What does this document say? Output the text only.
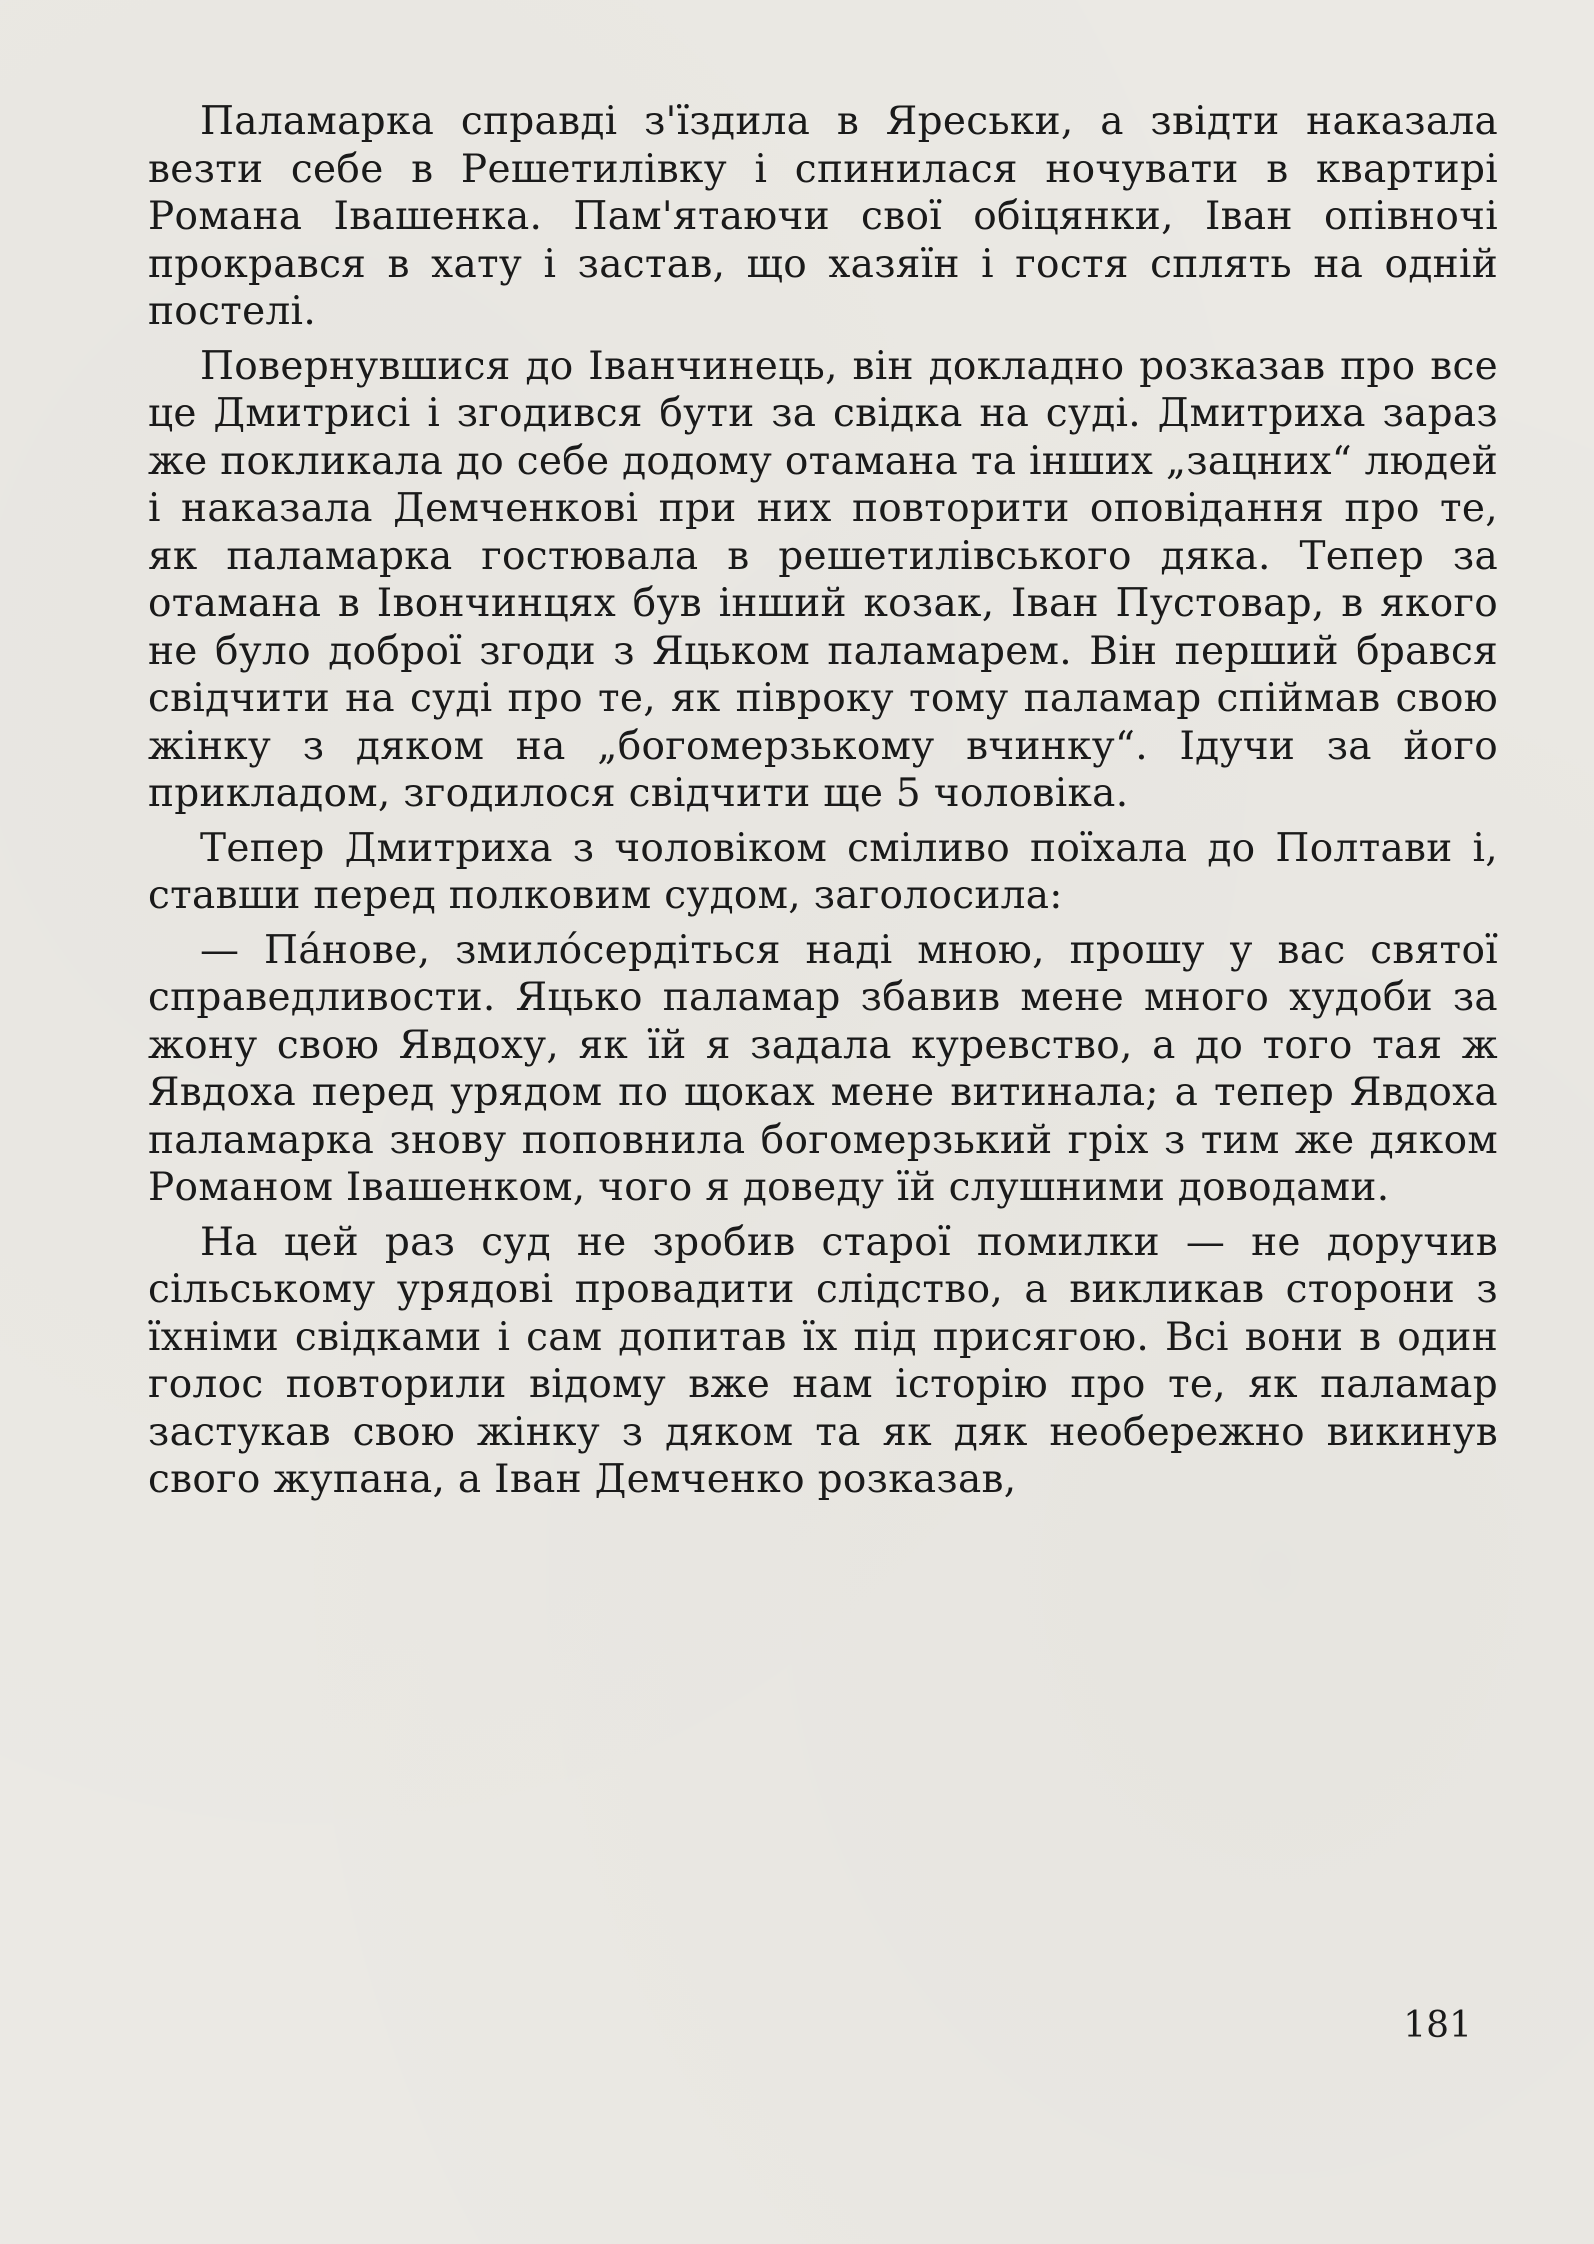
Паламарка справді з'їздила в Яреськи, а звідти наказала везти себе в Решетилівку і спинилася ночувати в квартирі Романа Івашенка. Пам'ятаючи свої обіцянки, Іван опівночі прокрався в хату і застав, що хазяїн і гостя сплять на одній постелі.

Повернувшися до Іванчинець, він докладно розказав про все це Дмитрисі і згодився бути за свідка на суді. Дмитриха зараз же покликала до себе додому отамана та інших „зацних“ людей і наказала Демченкові при них повторити оповідання про те, як паламарка гостювала в решетилівського дяка. Тепер за отамана в Івончинцях був інший козак, Іван Пустовар, в якого не було доброї згоди з Яцьком паламарем. Він перший брався свідчити на суді про те, як півроку тому паламар спіймав свою жінку з дяком на „богомерзькому вчинку“. Ідучи за його прикладом, згодилося свідчити ще 5 чоловіка.

Тепер Дмитриха з чоловіком сміливо поїхала до Полтави і, ставши перед полковим судом, заголосила:

— Па́нове, змило́сердіться наді мною, прошу у вас святої справедливости. Яцько паламар збавив мене много худоби за жону свою Явдоху, як їй я задала куревство, а до того тая ж Явдоха перед урядом по щоках мене витинала; а тепер Явдоха паламарка знову поповнила богомерзький гріх з тим же дяком Романом Івашенком, чого я доведу їй слушними доводами.

На цей раз суд не зробив старої помилки — не доручив сільському урядові провадити слідство, а викликав сторони з їхніми свідками і сам допитав їх під присягою. Всі вони в один голос повторили відому вже нам історію про те, як паламар застукав свою жінку з дяком та як дяк необережно викинув свого жупана, а Іван Демченко розказав,

181
